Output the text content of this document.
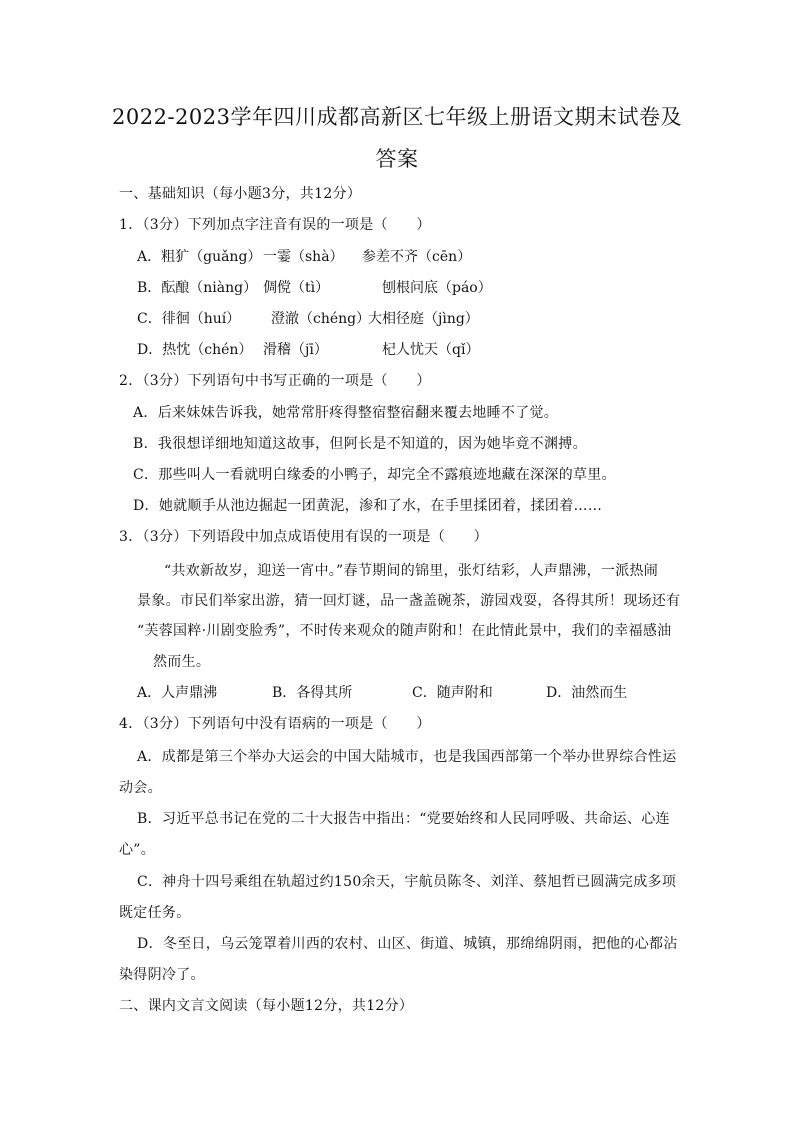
2022-2023学年四川成都高新区七年级上册语文期末试卷及
答案
一、基础知识（每小题3分，共12分）
1．（3分）下列加点字注音有误的一项是（　　）
A．粗犷（guǎng） 一霎（shà） 参差不齐（cēn）
B．酝酿（niàng） 倜傥（tì）	刨根问底（páo）
C．徘徊（huí） 澄澈（chéng）
大相径庭（jìng）
D．热忱（chén） 滑稽（jī）	杞人忧天（qǐ）
2．（3分）下列语句中书写正确的一项是（　　）
A．后来妹妹告诉我，她常常肝疼得整宿整宿翻来覆去地睡不了觉。
B．我很想详细地知道这故事，但阿长是不知道的，因为她毕竟不渊搏。
C．那些叫人一看就明白缘委的小鸭子，却完全不露痕迹地藏在深深的草里。
D．她就顺手从池边掘起一团黄泥，渗和了水，在手里揉团着，揉团着……
3．（3分）下列语段中加点成语使用有误的一项是（　　）
“共欢新故岁，迎送一宵中。”春节期间的锦里，张灯结彩，人声鼎沸，一派热闹
景象。市民们举家出游，猜一回灯谜，品一盏盖碗茶，游园戏耍，各得其所！现场还有
“芙蓉国粹·川剧变脸秀”，不时传来观众的随声附和！在此情此景中，我们的幸福感油
然而生。
A．人声鼎沸	B．各得其所	C．随声附和	D．油然而生
4．（3分）下列语句中没有语病的一项是（　　）
A．成都是第三个举办大运会的中国大陆城市，也是我国西部第一个举办世界综合性运
动会。
B．习近平总书记在党的二十大报告中指出：“党要始终和人民同呼吸、共命运、心连
心”。
C．神舟十四号乘组在轨超过约150余天，宇航员陈冬、刘洋、蔡旭哲已圆满完成多项
既定任务。
D．冬至日，乌云笼罩着川西的农村、山区、街道、城镇，那绵绵阴雨，把他的心都沾
染得阴冷了。
二、课内文言文阅读（每小题12分，共12分）
